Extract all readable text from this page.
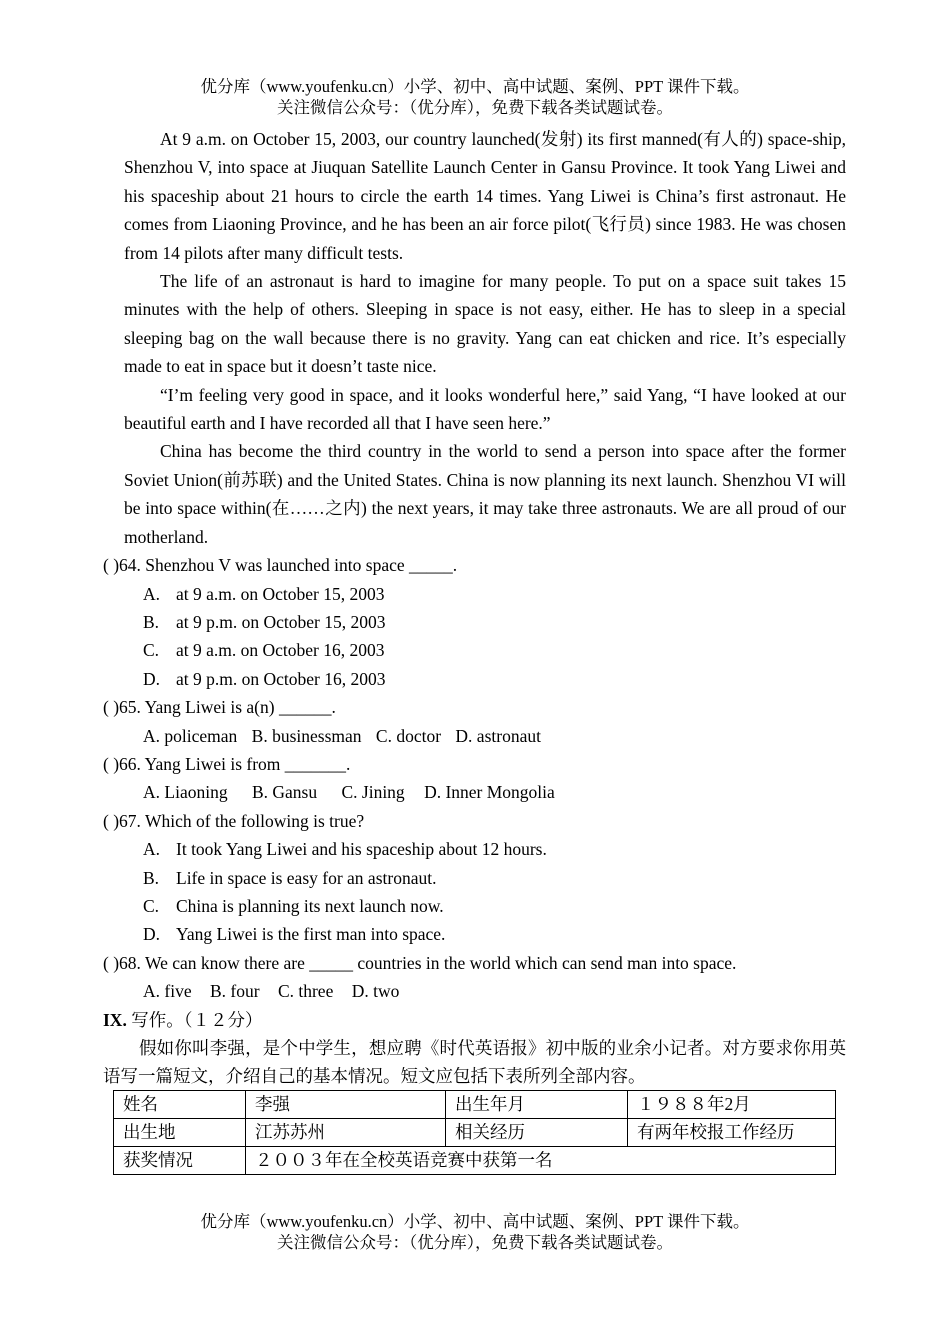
优分库（www.youfenku.cn）小学、初中、高中试题、案例、PPT 课件下载。
关注微信公众号：（优分库），免费下载各类试题试卷。

At 9 a.m. on October 15, 2003, our country launched(发射) its first manned(有人的) space-ship, Shenzhou V, into space at Jiuquan Satellite Launch Center in Gansu Province. It took Yang Liwei and his spaceship about 21 hours to circle the earth 14 times. Yang Liwei is China’s first astronaut. He comes from Liaoning Province, and he has been an air force pilot(飞行员) since 1983. He was chosen from 14 pilots after many difficult tests.

The life of an astronaut is hard to imagine for many people. To put on a space suit takes 15 minutes with the help of others. Sleeping in space is not easy, either. He has to sleep in a special sleeping bag on the wall because there is no gravity. Yang can eat chicken and rice. It’s especially made to eat in space but it doesn’t taste nice.

“I’m feeling very good in space, and it looks wonderful here,” said Yang, “I have looked at our beautiful earth and I have recorded all that I have seen here.”

China has become the third country in the world to send a person into space after the former Soviet Union(前苏联) and the United States. China is now planning its next launch. Shenzhou VI will be into space within(在……之内) the next years, it may take three astronauts. We are all proud of our motherland.

( )64. Shenzhou V was launched into space _____.
A. at 9 a.m. on October 15, 2003
B. at 9 p.m. on October 15, 2003
C. at 9 a.m. on October 16, 2003
D. at 9 p.m. on October 16, 2003
( )65. Yang Liwei is a(n) ______.
A. policeman B. businessman C. doctor D. astronaut
( )66. Yang Liwei is from _______.
A. Liaoning B. Gansu C. Jining D. Inner Mongolia
( )67. Which of the following is true?
A. It took Yang Liwei and his spaceship about 12 hours.
B. Life in space is easy for an astronaut.
C. China is planning its next launch now.
D. Yang Liwei is the first man into space.
( )68. We can know there are _____ countries in the world which can send man into space.
A. five B. four C. three D. two
IX. 写作。（１２分）

假如你叫李强，是个中学生，想应聘《时代英语报》初中版的业余小记者。对方要求你用英语写一篇短文，介绍自己的基本情况。短文应包括下表所列全部内容。

姓名	李强	出生年月	１９８８年2月
出生地	江苏苏州	相关经历	有两年校报工作经历
获奖情况	２００３年在全校英语竞赛中获第一名		
优分库（www.youfenku.cn）小学、初中、高中试题、案例、PPT 课件下载。
关注微信公众号：（优分库），免费下载各类试题试卷。
